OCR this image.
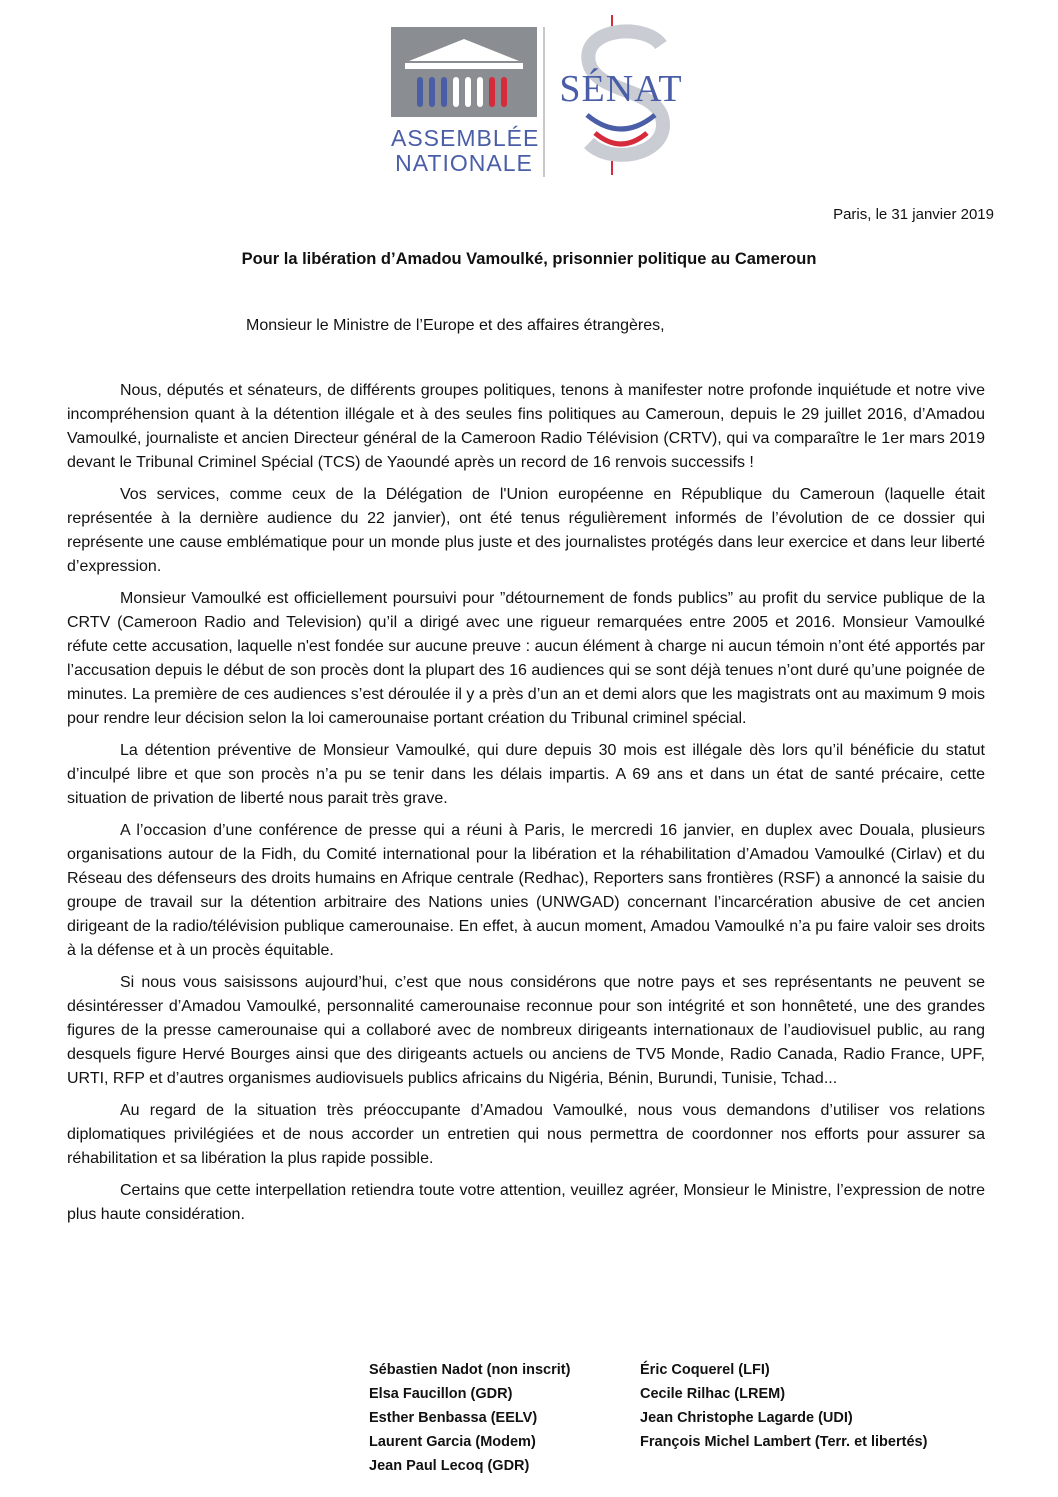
ASSEMBLÉE
NATIONALE
SÉNAT
Paris, le 31 janvier 2019
Pour la libération d’Amadou Vamoulké, prisonnier politique au Cameroun
Monsieur le Ministre de l’Europe et des affaires étrangères,

Nous, députés et sénateurs, de différents groupes politiques, tenons à manifester notre profonde inquiétude et notre vive incompréhension quant à la détention illégale et à des seules fins politiques au Cameroun, depuis le 29 juillet 2016, d’Amadou Vamoulké, journaliste et ancien Directeur général de la Cameroon Radio Télévision (CRTV), qui va comparaître le 1er mars 2019 devant le Tribunal Criminel Spécial (TCS) de Yaoundé après un record de 16 renvois successifs !

Vos services, comme ceux de la Délégation de l'Union européenne en République du Cameroun (laquelle était représentée à la dernière audience du 22 janvier), ont été tenus régulièrement informés de l’évolution de ce dossier qui représente une cause emblématique pour un monde plus juste et des journalistes protégés dans leur exercice et dans leur liberté d’expression.

Monsieur Vamoulké est officiellement poursuivi pour ”détournement de fonds publics” au profit du service publique de la CRTV (Cameroon Radio and Television) qu’il a dirigé avec une rigueur remarquées entre 2005 et 2016. Monsieur Vamoulké réfute cette accusation, laquelle n'est fondée sur aucune preuve : aucun élément à charge ni aucun témoin n’ont été apportés par l’accusation depuis le début de son procès dont la plupart des 16 audiences qui se sont déjà tenues n’ont duré qu’une poignée de minutes. La première de ces audiences s’est déroulée il y a près d’un an et demi alors que les magistrats ont au maximum 9 mois pour rendre leur décision selon la loi camerounaise portant création du Tribunal criminel spécial.

La détention préventive de Monsieur Vamoulké, qui dure depuis 30 mois est illégale dès lors qu’il bénéficie du statut d’inculpé libre et que son procès n’a pu se tenir dans les délais impartis. A 69 ans et dans un état de santé précaire, cette situation de privation de liberté nous parait très grave.

A l’occasion d’une conférence de presse qui a réuni à Paris, le mercredi 16 janvier, en duplex avec Douala, plusieurs organisations autour de la Fidh, du Comité international pour la libération et la réhabilitation d’Amadou Vamoulké (Cirlav) et du Réseau des défenseurs des droits humains en Afrique centrale (Redhac), Reporters sans frontières (RSF) a annoncé la saisie du groupe de travail sur la détention arbitraire des Nations unies (UNWGAD) concernant l’incarcération abusive de cet ancien dirigeant de la radio/télévision publique camerounaise. En effet, à aucun moment, Amadou Vamoulké n’a pu faire valoir ses droits à la défense et à un procès équitable.

Si nous vous saisissons aujourd’hui, c’est que nous considérons que notre pays et ses représentants ne peuvent se désintéresser d’Amadou Vamoulké, personnalité camerounaise reconnue pour son intégrité et son honnêteté, une des grandes figures de la presse camerounaise qui a collaboré avec de nombreux dirigeants internationaux de l’audiovisuel public, au rang desquels figure Hervé Bourges ainsi que des dirigeants actuels ou anciens de TV5 Monde, Radio Canada, Radio France, UPF, URTI, RFP et d’autres organismes audiovisuels publics africains du Nigéria, Bénin, Burundi, Tunisie, Tchad...

Au regard de la situation très préoccupante d’Amadou Vamoulké, nous vous demandons d’utiliser vos relations diplomatiques privilégiées et de nous accorder un entretien qui nous permettra de coordonner nos efforts pour assurer sa réhabilitation et sa libération la plus rapide possible.

Certains que cette interpellation retiendra toute votre attention, veuillez agréer, Monsieur le Ministre, l’expression de notre plus haute considération.

Sébastien Nadot (non inscrit)	Éric Coquerel (LFI)
Elsa Faucillon (GDR)	Cecile Rilhac (LREM)
Esther Benbassa (EELV)	Jean Christophe Lagarde (UDI)
Laurent Garcia (Modem)	François Michel Lambert (Terr. et libertés)
Jean Paul Lecoq (GDR)
